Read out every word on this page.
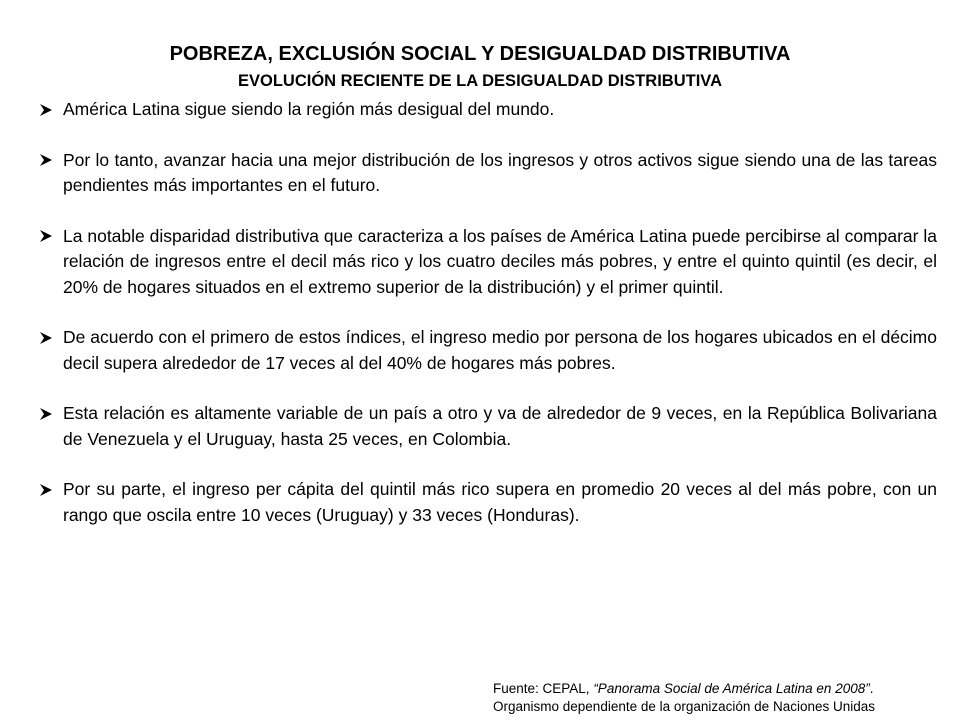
POBREZA, EXCLUSIÓN SOCIAL Y DESIGUALDAD DISTRIBUTIVA
EVOLUCIÓN RECIENTE DE LA DESIGUALDAD DISTRIBUTIVA
América Latina sigue siendo la región más desigual del mundo.
Por lo tanto, avanzar hacia una mejor distribución de los ingresos y otros activos sigue siendo una de las tareas pendientes más importantes en el futuro.
La notable disparidad distributiva que caracteriza a los países de América Latina puede percibirse al comparar la relación de ingresos entre el decil más rico y los cuatro deciles más pobres, y entre el quinto quintil (es decir, el 20% de hogares situados en el extremo superior de la distribución) y el primer quintil.
De acuerdo con el primero de estos índices, el ingreso medio por persona de los hogares ubicados en el décimo decil supera alrededor de 17 veces al del 40% de hogares más pobres.
Esta relación es altamente variable de un país a otro y va de alrededor de 9 veces, en la República Bolivariana de Venezuela y el Uruguay, hasta 25 veces, en Colombia.
Por su parte, el ingreso per cápita del quintil más rico supera en promedio 20 veces al del más pobre, con un rango que oscila entre 10 veces (Uruguay) y 33 veces (Honduras).
Fuente: CEPAL, “Panorama Social de América Latina en 2008”.
Organismo dependiente de la organización de Naciones Unidas
